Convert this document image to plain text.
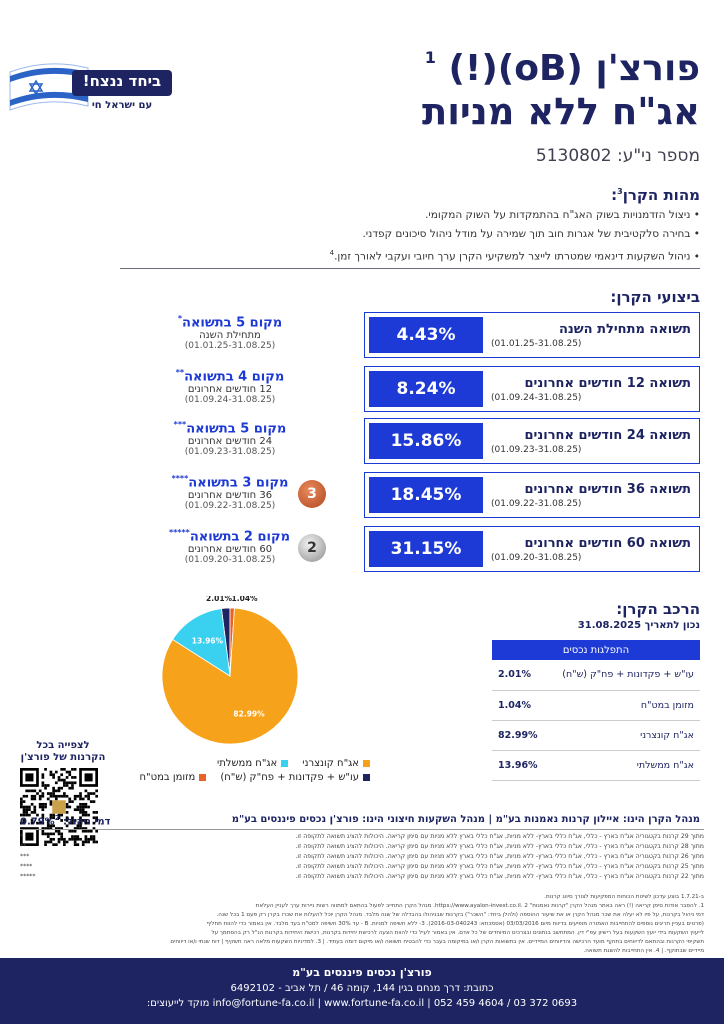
ביחד ננצח!
עם ישראל חי
פורצ'ן (oB)(!) $^1$
אג"ח ללא מניות
מספר ני"ע: 5130802
מהות הקרן$^3$:
• ניצול הזדמנויות בשוק האג"ח בהתמקדות על השוק המקומי.
• בחירה סלקטיבית של אגרות חוב תוך שמירה על מודל ניהול סיכונים קפדני.
• ניהול השקעות דינאמי שמטרתו לייצר למשקיעי הקרן ערך חיובי ועקבי לאורך זמן.$^4$
ביצועי הקרן:
תשואה מתחילת השנה
(01.01.25-31.08.25)
4.43%
מקום 5 בתשואה*
מתחילת השנה
(01.01.25-31.08.25)
תשואה 12 חודשים אחרונים
(01.09.24-31.08.25)
8.24%
מקום 4 בתשואה**
12 חודשים אחרונים
(01.09.24-31.08.25)
תשואה 24 חודשים אחרונים
(01.09.23-31.08.25)
15.86%
מקום 5 בתשואה***
24 חודשים אחרונים
(01.09.23-31.08.25)
תשואה 36 חודשים אחרונים
(01.09.22-31.08.25)
18.45%
מקום 3 בתשואה****
36 חודשים אחרונים
(01.09.22-31.08.25)
3
תשואה 60 חודשים אחרונים
(01.09.20-31.08.25)
31.15%
מקום 2 בתשואה*****
60 חודשים אחרונים
(01.09.20-31.08.25)
2
הרכב הקרן:
נכון לתאריך 31.08.2025
התפלגות נכסים	
עו"ש + פקדונות + פח"ק (ש"ח)	2.01%
מזומן במט"ח	1.04%
אג"ח קונצרני	82.99%
אג"ח ממשלתי	13.96%
2.01% 1.04%
82.99%
13.96%
אג"ח קונצרני
אג"ח ממשלתי
עו"ש + פקדונות + פח"ק (ש"ח)
מזומן במט"ח
לצפייה בכל הקרנות של פורצ'ן
מנהל הקרן הינו: איילון קרנות נאמנות בע"מ | מנהל השקעות חיצוני הינו: פורצ'ן נכסים פיננסים בע"מ
דמי ניהול: 0.79%$^2$
מתוך 29 קרנות בקטגוריה אג"ח בארץ - כללי, אג"ח כללי בארץ- ללא מניות, אג"ח כללי בארץ ללא מניות עם סימן קריאה. היכולות להציג תשואה לתקופה זו.
*
מתוך 28 קרנות בקטגוריה אג"ח בארץ - כללי, אג"ח כללי בארץ- ללא מניות, אג"ח כללי בארץ ללא מניות עם סימן קריאה. היכולות להציג תשואה לתקופה זו.
**
מתוך 26 קרנות בקטגוריה אג"ח בארץ - כללי, אג"ח כללי בארץ- ללא מניות, אג"ח כללי בארץ ללא מניות עם סימן קריאה. היכולות להציג תשואה לתקופה זו.
***
מתוך 25 קרנות בקטגוריה אג"ח בארץ - כללי, אג"ח כללי בארץ- ללא מניות, אג"ח כללי בארץ ללא מניות עם סימן קריאה. היכולות להציג תשואה לתקופה זו.
****
מתוך 22 קרנות בקטגוריה אג"ח בארץ - כללי, אג"ח כללי בארץ- ללא מניות, אג"ח כללי בארץ ללא מניות עם סימן קריאה. היכולות להציג תשואה לתקופה זו.
*****
ב-1.7.21 בוצע עדכון לשיטת הכוחות המפקיעות לצורך סיווג קרנות.
1. להסבר אודות סימן קריאה (!) ראה באתר מנהל הקרן "קרנות נאמנות" https://www.ayalon-invest.co.il. 2. מנהל הקרן התחייב לפעול בהתאם למתווה רשות ניירות ערך לעניין העלאת
דמי ניהול בקרנות, על פיו לא יעלה את שכר מנהל הקרן או את שיעור ההוספה (ולהלן ביחד: "השכר") בקרנות שבניהולו בהבדלה של שנה מלבד. מנהל הקרן יוכל להעלות את שכרו בקרן רק פעם 1 בכל שנה.
(פרטים בעניין חריגים נוספים להתחייבות האמורה מופיעים בדיווח מיום 03/03/2016 (אסמכתא: 2016-03-040243). 3- ללא חשיפה למניות. B - עד 30% חשיפה למט"ח בעד מלבד. אין באמור כדי להוות תחליף
לייעוץ השקעות בידי יועץ השקעות בעל רישיון עפ"י דין. המתחשב בנתונים ובצרכים המיוחדים של כל אדם. אין באמור לעיל כדי להוות הצעה לרכישת יחידות בקרנות, רכישת היחידות בקרנות הנ"ל רק בהסתמך על
תשקיפי הקרנות ובהתאם לדיווחים בתוקף מועד הרכישה והדיווחים המיידיים. אין בתשואות הקרן ו/או במיקומה בעבר כדי להבטיח תשואה ו/או מיקום דומה בעתיד. | 3. למדיניות השקעות מלאה ראה תשקיף | דוח שנתי ו/או דיווחים
מיידיים שבתוקף. | 4. אין התחייבות להשגת תשואה.
פורצ'ן נכסים פיננסים בע"מ
כתובת: דרך מנחם בגין 144, קומה 46 / תל אביב - 6492102
info@fortune-fa.co.il | www.fortune-fa.co.il | 052 459 4604 / 03 372 0693 מוקד לייעוצים:
